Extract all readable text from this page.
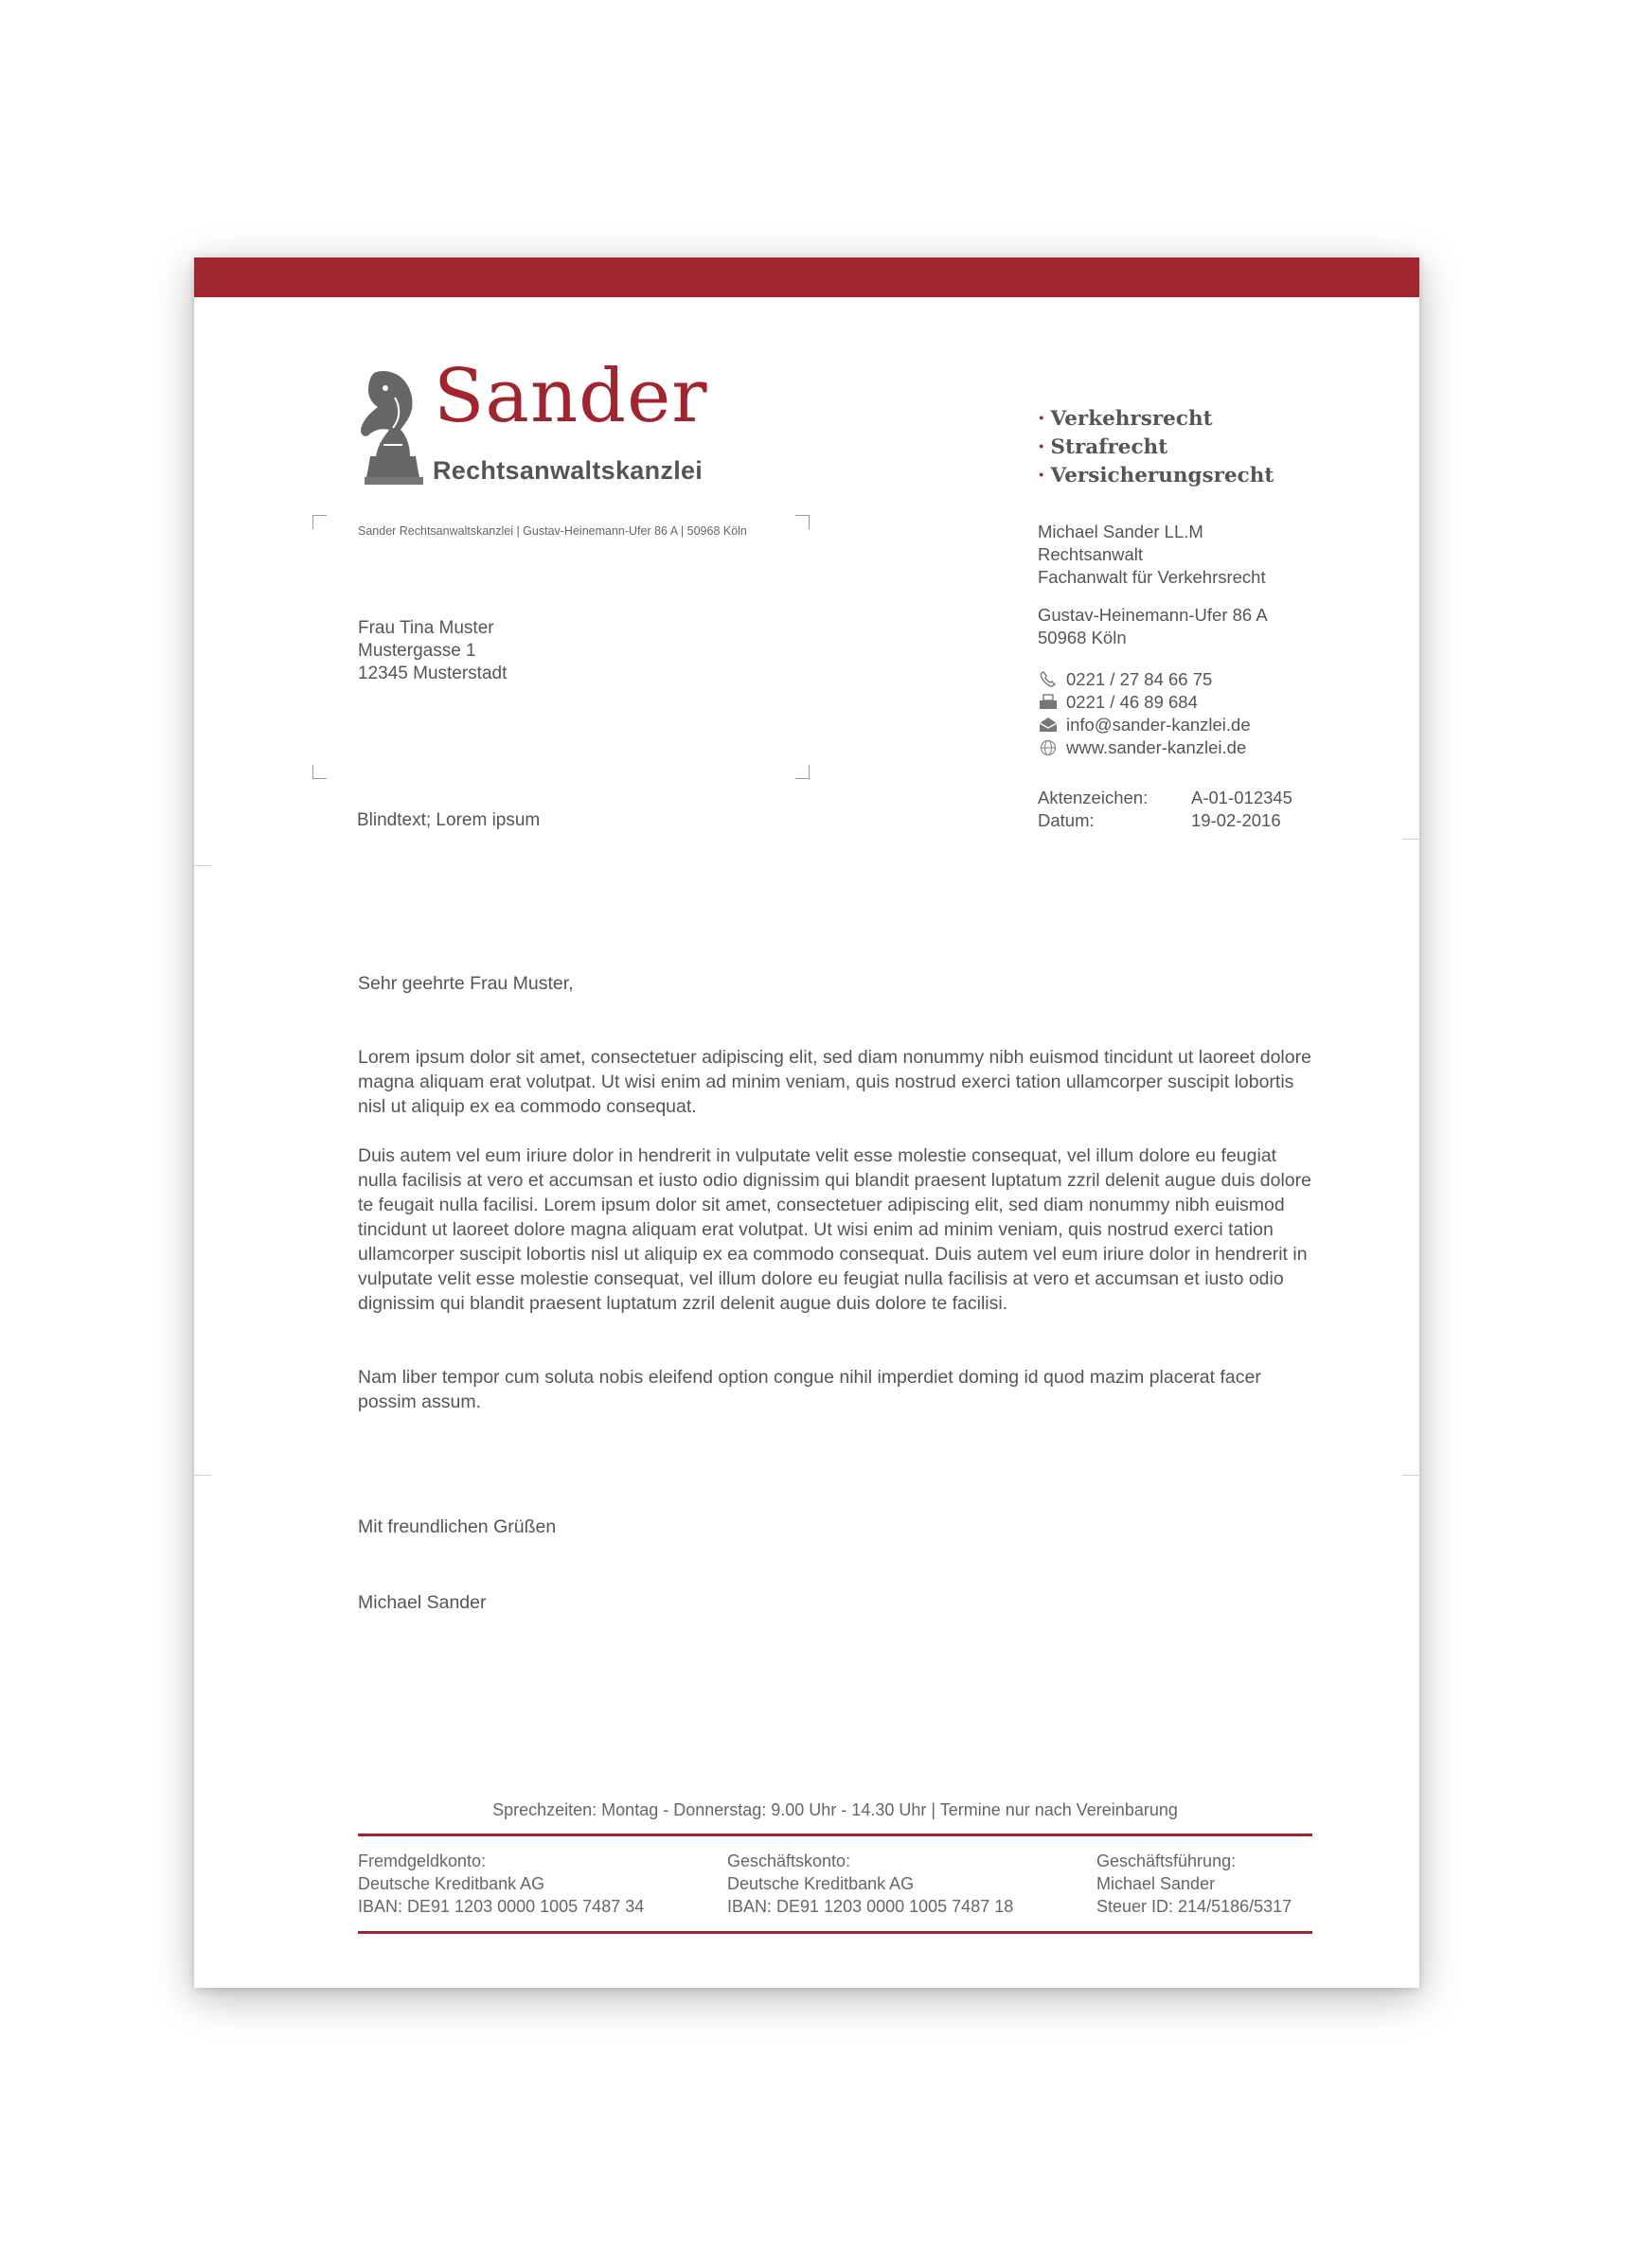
Sander
Rechtsanwaltskanzlei
Sander Rechtsanwaltskanzlei | Gustav-Heinemann-Ufer 86 A | 50968 Köln
Frau Tina Muster
Mustergasse 1
12345 Musterstadt
Blindtext; Lorem ipsum
· Verkehrsrecht
· Strafrecht
· Versicherungsrecht
Michael Sander LL.M
Rechtsanwalt
Fachanwalt für Verkehrsrecht
Gustav-Heinemann-Ufer 86 A
50968 Köln
0221 / 27 84 66 75
0221 / 46 89 684
info@sander-kanzlei.de
www.sander-kanzlei.de
Aktenzeichen:	A-01-012345
Datum:	19-02-2016
Sehr geehrte Frau Muster,

Lorem ipsum dolor sit amet, consectetuer adipiscing elit, sed diam nonummy nibh euismod tincidunt ut laoreet dolore magna aliquam erat volutpat. Ut wisi enim ad minim veniam, quis nostrud exerci tation ullamcorper suscipit lobortis nisl ut aliquip ex ea commodo consequat.

Duis autem vel eum iriure dolor in hendrerit in vulputate velit esse molestie consequat, vel illum dolore eu feugiat nulla facilisis at vero et accumsan et iusto odio dignissim qui blandit praesent luptatum zzril delenit augue duis dolore te feugait nulla facilisi. Lorem ipsum dolor sit amet, consectetuer adipiscing elit, sed diam nonummy nibh euismod tincidunt ut laoreet dolore magna aliquam erat volutpat. Ut wisi enim ad minim veniam, quis nostrud exerci tation ullamcorper suscipit lobortis nisl ut aliquip ex ea commodo consequat. Duis autem vel eum iriure dolor in hendrerit in vulputate velit esse molestie consequat, vel illum dolore eu feugiat nulla facilisis at vero et accumsan et iusto odio dignissim qui blandit praesent luptatum zzril delenit augue duis dolore te facilisi.

Nam liber tempor cum soluta nobis eleifend option congue nihil imperdiet doming id quod mazim placerat facer possim assum.

Mit freundlichen Grüßen
Michael Sander
Sprechzeiten: Montag - Donnerstag: 9.00 Uhr - 14.30 Uhr | Termine nur nach Vereinbarung
Fremdgeldkonto:
Deutsche Kreditbank AG
IBAN: DE91 1203 0000 1005 7487 34
Geschäftskonto:
Deutsche Kreditbank AG
IBAN: DE91 1203 0000 1005 7487 18
Geschäftsführung:
Michael Sander
Steuer ID: 214/5186/5317
